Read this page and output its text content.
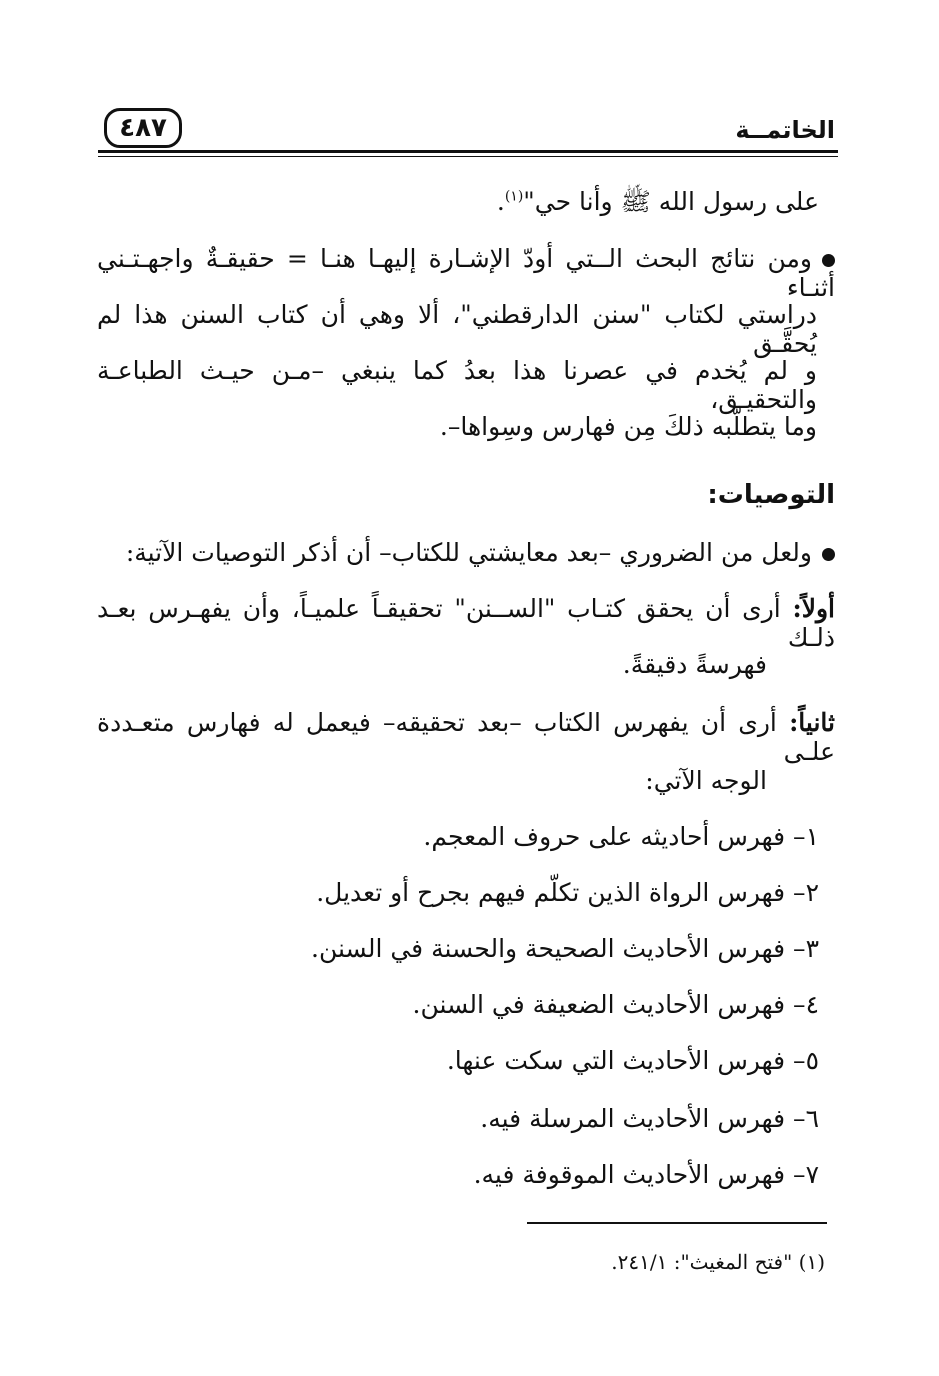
٤٨٧	الخاتمــة
على رسول الله ﷺ وأنا حي"$^{(١)}$.
ومن نتائج البحث الــتي أودّ الإشـارة إليهـا هنـا = حقيقـةٌ واجهـتـني أثنـاء
دراستي لكتاب "سنن الدارقطني"، ألا وهي أن كتاب السنن هذا لم يُحقَّـق
و لم يُخدم في عصرنا هذا بعدُ كما ينبغي –مـن حيـث الطباعـة والتحقيـق،
وما يتطلّبه ذلكَ مِن فهارس وسِواها–.
التوصيات:
ولعل من الضروري –بعد معايشتي للكتاب– أن أذكر التوصيات الآتية:
أولاً: أرى أن يحقق كتـاب "الســنن" تحقيقـاً علميـاً، وأن يفهـرس بعـد ذلـك
فهرسةً دقيقةً.
ثانياً: أرى أن يفهرس الكتاب –بعد تحقيقه– فيعمل له فهارس متعـددة علـى
الوجه الآتي:
١– فهرس أحاديثه على حروف المعجم.
٢– فهرس الرواة الذين تكلّم فيهم بجرح أو تعديل.
٣– فهرس الأحاديث الصحيحة والحسنة في السنن.
٤– فهرس الأحاديث الضعيفة في السنن.
٥– فهرس الأحاديث التي سكت عنها.
٦– فهرس الأحاديث المرسلة فيه.
٧– فهرس الأحاديث الموقوفة فيه.
(١) "فتح المغيث": ٢٤١/١.
